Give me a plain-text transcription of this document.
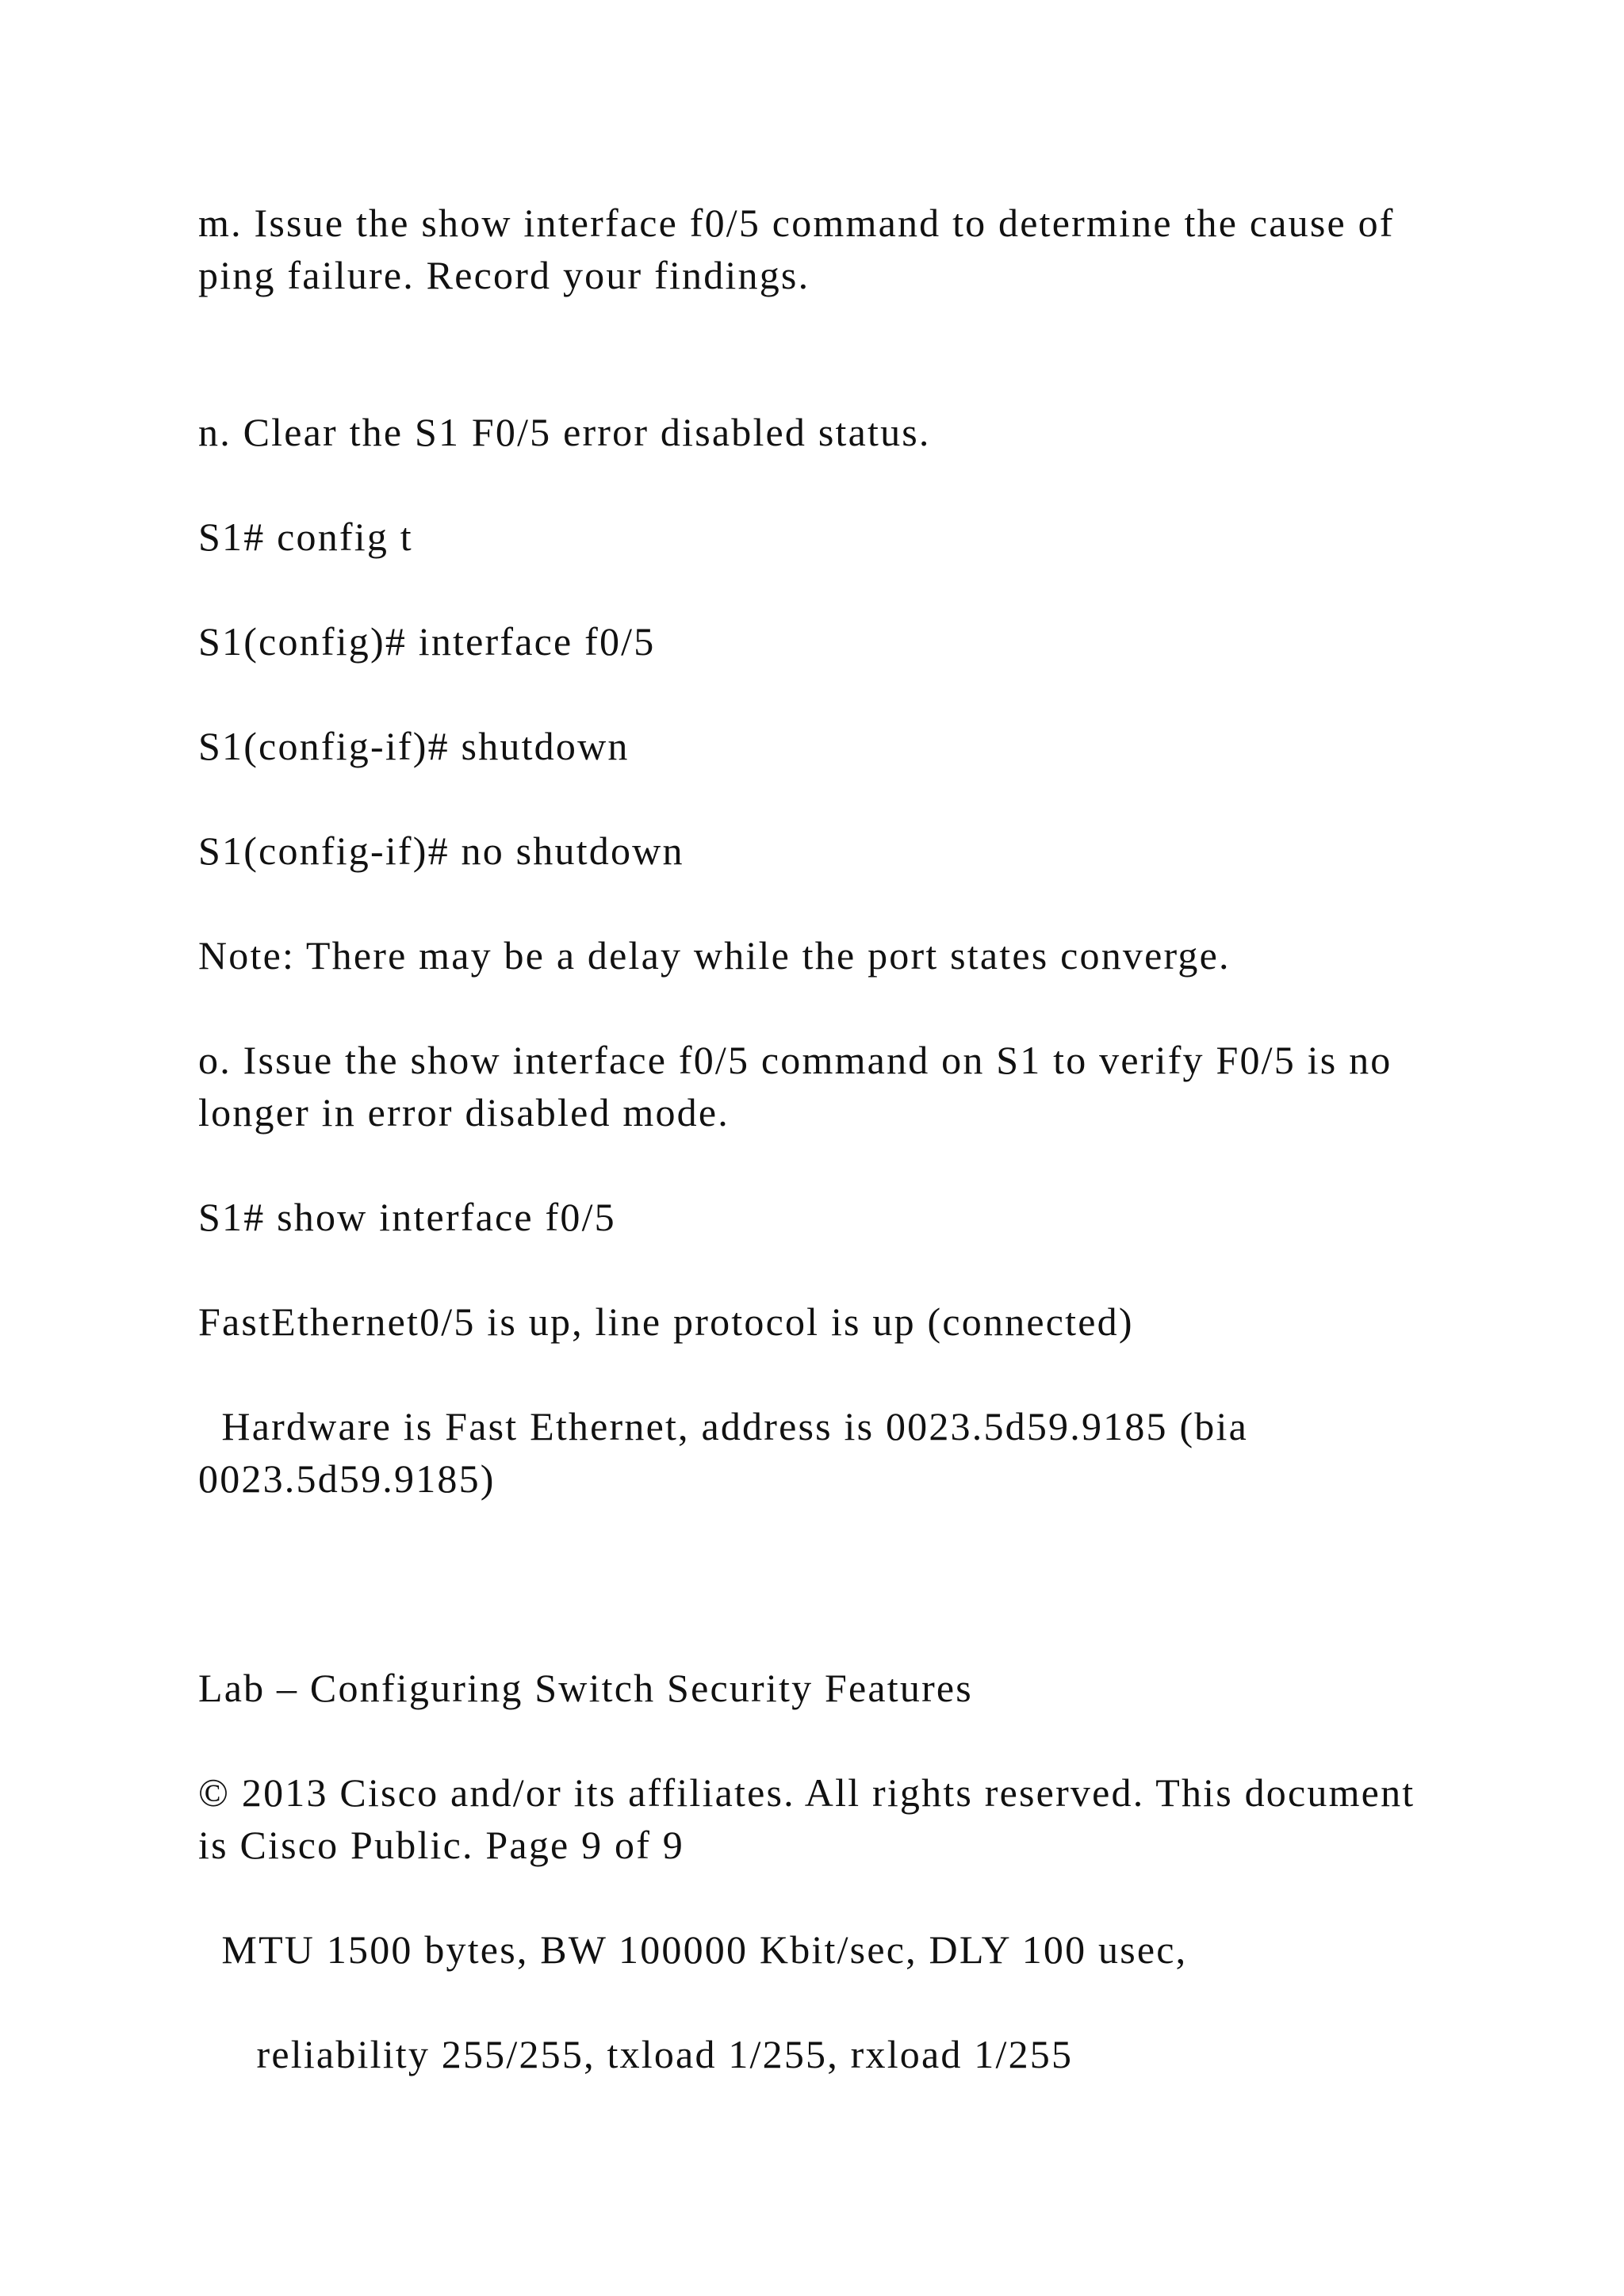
m. Issue the show interface f0/5 command to determine the cause of ping failure. Record your findings.

n. Clear the S1 F0/5 error disabled status.

S1# config t

S1(config)# interface f0/5

S1(config-if)# shutdown

S1(config-if)# no shutdown

Note: There may be a delay while the port states converge.

o. Issue the show interface f0/5 command on S1 to verify F0/5 is no longer in error disabled mode.

S1# show interface f0/5

FastEthernet0/5 is up, line protocol is up (connected)

Hardware is Fast Ethernet, address is 0023.5d59.9185 (bia 0023.5d59.9185)

Lab – Configuring Switch Security Features

© 2013 Cisco and/or its affiliates. All rights reserved. This document is Cisco Public. Page 9 of 9

MTU 1500 bytes, BW 100000 Kbit/sec, DLY 100 usec,

reliability 255/255, txload 1/255, rxload 1/255
